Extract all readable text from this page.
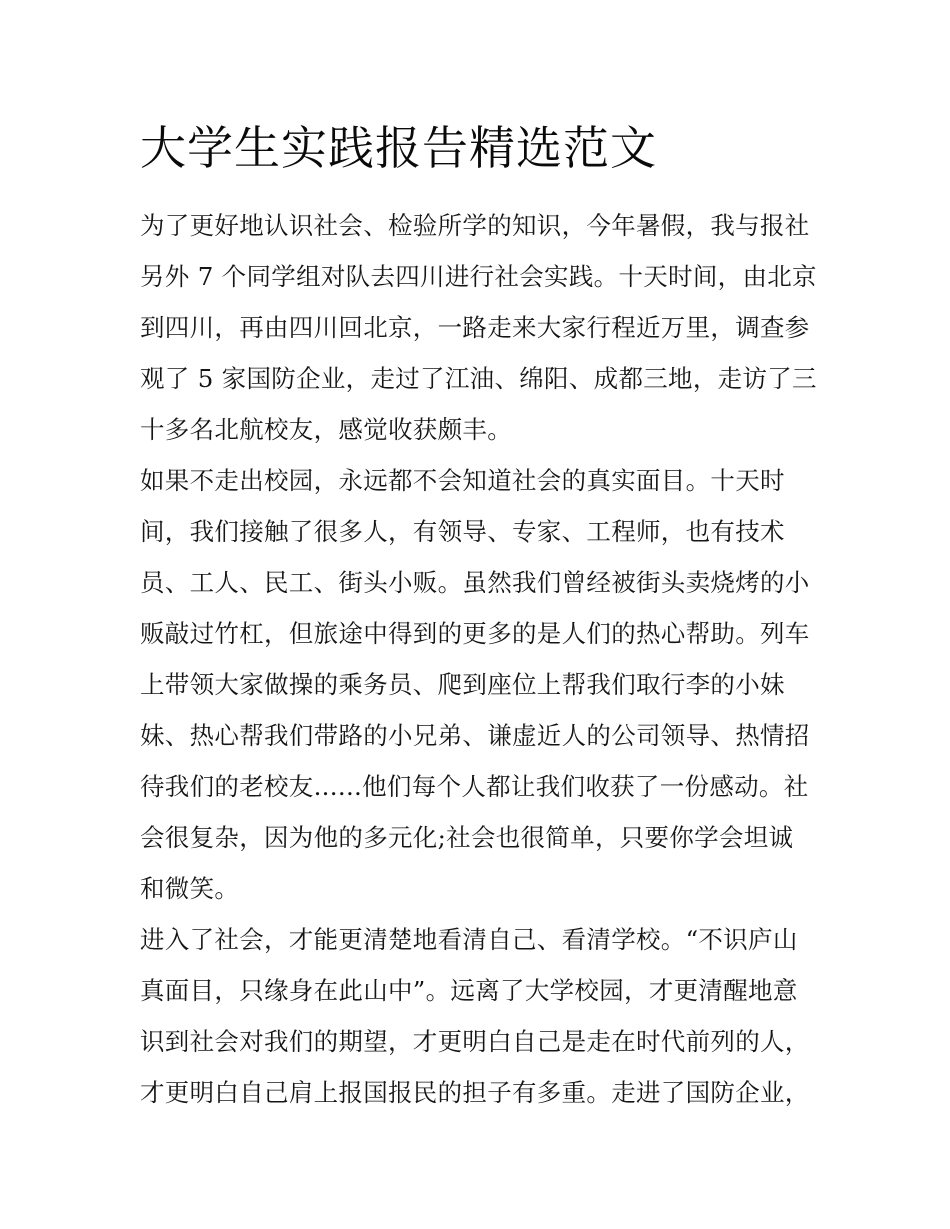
大学生实践报告精选范文
为了更好地认识社会、检验所学的知识，今年暑假，我与报社
另外 7 个同学组对队去四川进行社会实践。十天时间，由北京
到四川，再由四川回北京，一路走来大家行程近万里，调查参
观了 5 家国防企业，走过了江油、绵阳、成都三地，走访了三
十多名北航校友，感觉收获颇丰。
如果不走出校园，永远都不会知道社会的真实面目。十天时
间，我们接触了很多人，有领导、专家、工程师，也有技术
员、工人、民工、街头小贩。虽然我们曾经被街头卖烧烤的小
贩敲过竹杠，但旅途中得到的更多的是人们的热心帮助。列车
上带领大家做操的乘务员、爬到座位上帮我们取行李的小妹
妹、热心帮我们带路的小兄弟、谦虚近人的公司领导、热情招
待我们的老校友......他们每个人都让我们收获了一份感动。社
会很复杂，因为他的多元化;社会也很简单，只要你学会坦诚
和微笑。
进入了社会，才能更清楚地看清自己、看清学校。“不识庐山
真面目，只缘身在此山中”。远离了大学校园，才更清醒地意
识到社会对我们的期望，才更明白自己是走在时代前列的人，
才更明白自己肩上报国报民的担子有多重。走进了国防企业，
